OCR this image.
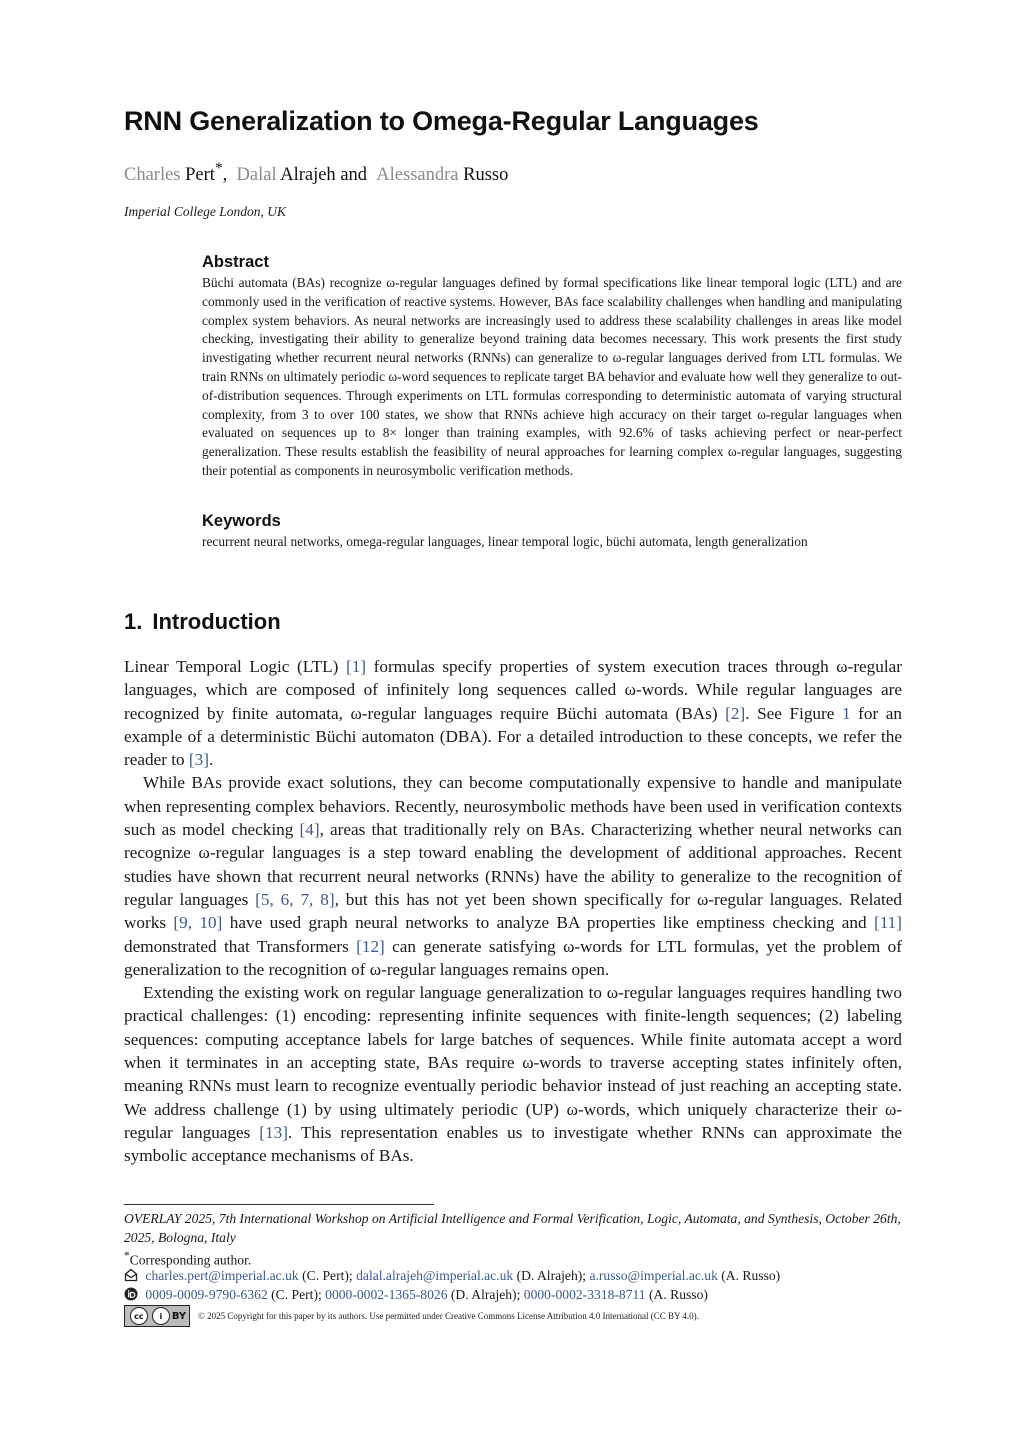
RNN Generalization to Omega-Regular Languages
Charles Pert*, Dalal Alrajeh and Alessandra Russo
Imperial College London, UK
Abstract

Büchi automata (BAs) recognize ω-regular languages defined by formal specifications like linear temporal logic (LTL) and are commonly used in the verification of reactive systems. However, BAs face scalability challenges when handling and manipulating complex system behaviors. As neural networks are increasingly used to address these scalability challenges in areas like model checking, investigating their ability to generalize beyond training data becomes necessary. This work presents the first study investigating whether recurrent neural networks (RNNs) can generalize to ω-regular languages derived from LTL formulas. We train RNNs on ultimately periodic ω-word sequences to replicate target BA behavior and evaluate how well they generalize to out-of-distribution sequences. Through experiments on LTL formulas corresponding to deterministic automata of varying structural complexity, from 3 to over 100 states, we show that RNNs achieve high accuracy on their target ω-regular languages when evaluated on sequences up to 8× longer than training examples, with 92.6% of tasks achieving perfect or near-perfect generalization. These results establish the feasibility of neural approaches for learning complex ω-regular languages, suggesting their potential as components in neurosymbolic verification methods.

Keywords

recurrent neural networks, omega-regular languages, linear temporal logic, büchi automata, length generalization

1. Introduction

Linear Temporal Logic (LTL) [1] formulas specify properties of system execution traces through ω-regular languages, which are composed of infinitely long sequences called ω-words. While regular languages are recognized by finite automata, ω-regular languages require Büchi automata (BAs) [2]. See Figure 1 for an example of a deterministic Büchi automaton (DBA). For a detailed introduction to these concepts, we refer the reader to [3].

While BAs provide exact solutions, they can become computationally expensive to handle and manipulate when representing complex behaviors. Recently, neurosymbolic methods have been used in verification contexts such as model checking [4], areas that traditionally rely on BAs. Characterizing whether neural networks can recognize ω-regular languages is a step toward enabling the development of additional approaches. Recent studies have shown that recurrent neural networks (RNNs) have the ability to generalize to the recognition of regular languages [5, 6, 7, 8], but this has not yet been shown specifically for ω-regular languages. Related works [9, 10] have used graph neural networks to analyze BA properties like emptiness checking and [11] demonstrated that Transformers [12] can generate satisfying ω-words for LTL formulas, yet the problem of generalization to the recognition of ω-regular languages remains open.

Extending the existing work on regular language generalization to ω-regular languages requires handling two practical challenges: (1) encoding: representing infinite sequences with finite-length sequences; (2) labeling sequences: computing acceptance labels for large batches of sequences. While finite automata accept a word when it terminates in an accepting state, BAs require ω-words to traverse accepting states infinitely often, meaning RNNs must learn to recognize eventually periodic behavior instead of just reaching an accepting state. We address challenge (1) by using ultimately periodic (UP) ω-words, which uniquely characterize their ω-regular languages [13]. This representation enables us to investigate whether RNNs can approximate the symbolic acceptance mechanisms of BAs.

OVERLAY 2025, 7th International Workshop on Artificial Intelligence and Formal Verification, Logic, Automata, and Synthesis, October 26th, 2025, Bologna, Italy
*Corresponding author.
charles.pert@imperial.ac.uk (C. Pert); dalal.alrajeh@imperial.ac.uk (D. Alrajeh); a.russo@imperial.ac.uk (A. Russo)
0009-0009-9790-6362 (C. Pert); 0000-0002-1365-8026 (D. Alrajeh); 0000-0002-3318-8711 (A. Russo)
cc	i BY © 2025 Copyright for this paper by its authors. Use permitted under Creative Commons License Attribution 4.0 International (CC BY 4.0).
